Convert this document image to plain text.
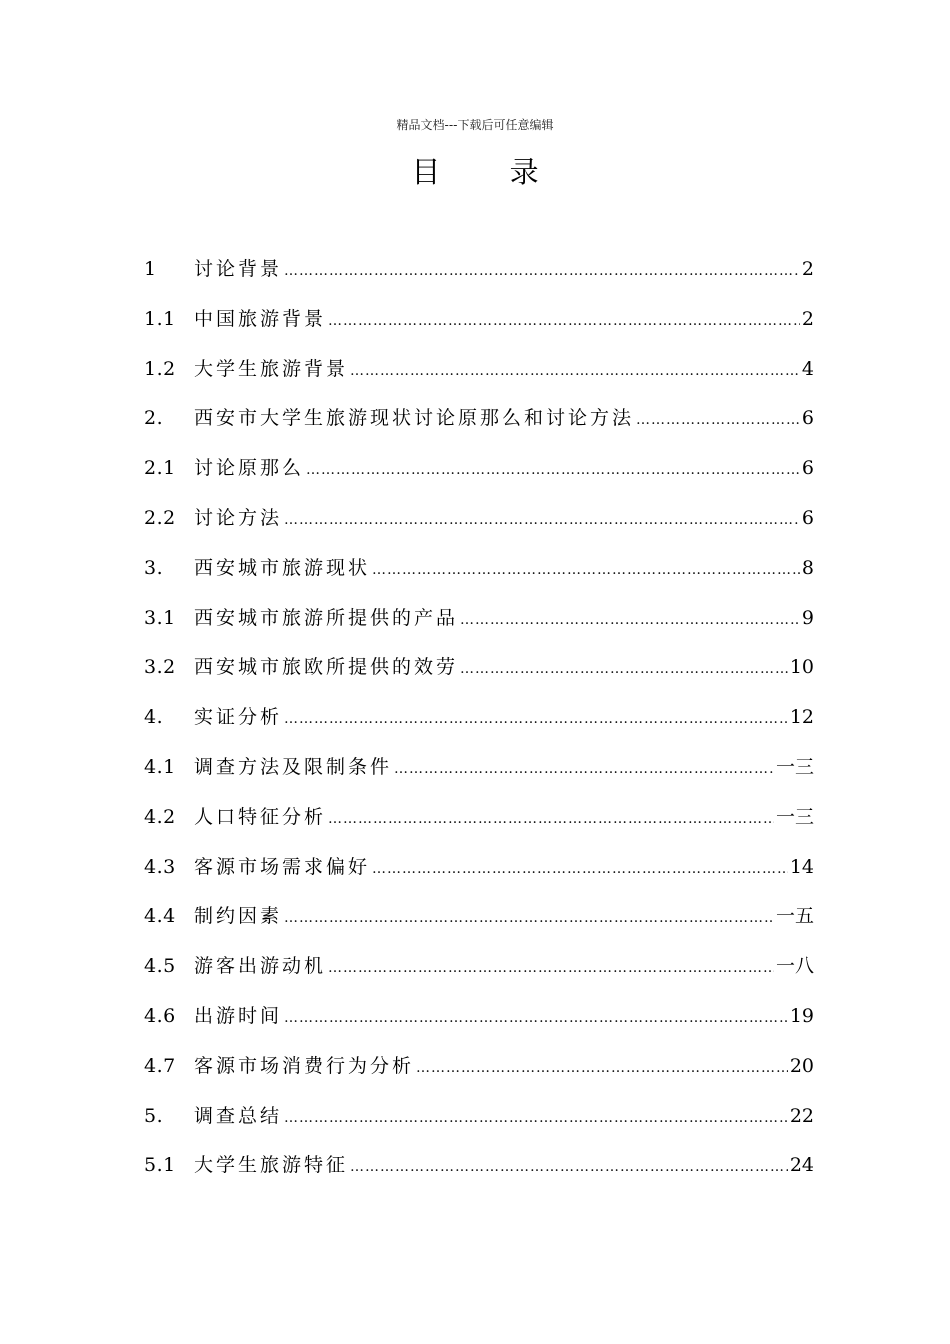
精品文档---下载后可任意编辑
目 录
1	讨论背景 ……………………………………………………………………………………………………………………………………………………………………	2
1.1 中国旅游背景 ……………………………………………………………………………………………………………………………………………………………………	2
1.2 大学生旅游背景 ……………………………………………………………………………………………………………………………………………………………………	4
2.	西安市大学生旅游现状讨论原那么和讨论方法 ……………………………………………………………………………………………………………………………………………………………………	6
2.1 讨论原那么 ……………………………………………………………………………………………………………………………………………………………………	6
2.2 讨论方法 ……………………………………………………………………………………………………………………………………………………………………	6
3.	西安城市旅游现状 ……………………………………………………………………………………………………………………………………………………………………	8
3.1 西安城市旅游所提供的产品 ……………………………………………………………………………………………………………………………………………………………………	9
3.2 西安城市旅欧所提供的效劳 ……………………………………………………………………………………………………………………………………………………………………	10
4.	实证分析 ……………………………………………………………………………………………………………………………………………………………………	12
4.1 调查方法及限制条件 ……………………………………………………………………………………………………………………………………………………………………	一三
4.2 人口特征分析 ……………………………………………………………………………………………………………………………………………………………………	一三
4.3 客源市场需求偏好 ……………………………………………………………………………………………………………………………………………………………………	14
4.4 制约因素 ……………………………………………………………………………………………………………………………………………………………………	一五
4.5 游客出游动机 ……………………………………………………………………………………………………………………………………………………………………	一八
4.6 出游时间 ……………………………………………………………………………………………………………………………………………………………………	19
4.7 客源市场消费行为分析 ……………………………………………………………………………………………………………………………………………………………………	20
5.	调查总结 ……………………………………………………………………………………………………………………………………………………………………	22
5.1 大学生旅游特征 ……………………………………………………………………………………………………………………………………………………………………	24
